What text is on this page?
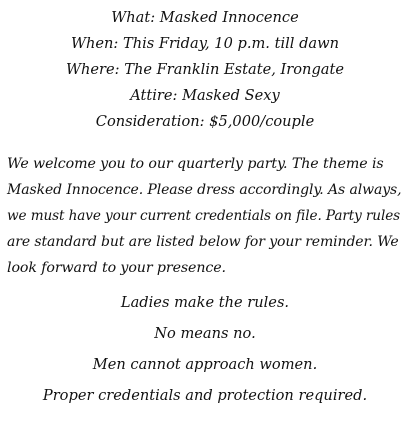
What: Masked Innocence
When: This Friday, 10 p.m. till dawn
Where: The Franklin Estate, Irongate
Attire: Masked Sexy
Consideration: $5,000/couple

We welcome you to our quarterly party. The theme is
Masked Innocence. Please dress accordingly. As always,
we must have your current credentials on file. Party rules
are standard but are listed below for your reminder. We
look forward to your presence.

Ladies make the rules.
No means no.
Men cannot approach women.
Proper credentials and protection required.
